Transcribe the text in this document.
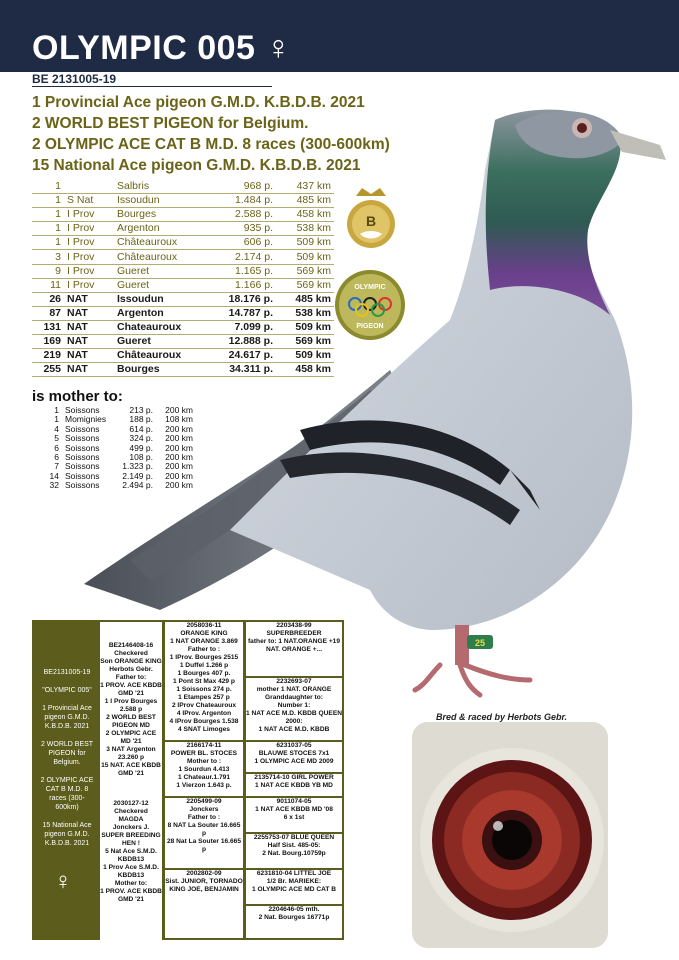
OLYMPIC 005 ♀
BE 2131005-19
1 Provincial Ace pigeon G.M.D. K.B.D.B. 2021
2 WORLD BEST PIGEON for Belgium.
2 OLYMPIC ACE CAT B M.D. 8 races (300-600km)
15 National Ace pigeon G.M.D. K.B.D.B. 2021
1		Salbris	968 p.	437 km
1	S Nat	Issoudun	1.484 p.	485 km
1	I Prov	Bourges	2.588 p.	458 km
1	I Prov	Argenton	935 p.	538 km
1	I Prov	Châteauroux	606 p.	509 km
3	I Prov	Châteauroux	2.174 p.	509 km
9	I Prov	Gueret	1.165 p.	569 km
11	I Prov	Gueret	1.166 p.	569 km
26	NAT	Issoudun	18.176 p.	485 km
87	NAT	Argenton	14.787 p.	538 km
131	NAT	Chateauroux	7.099 p.	509 km
169	NAT	Gueret	12.888 p.	569 km
219	NAT	Châteauroux	24.617 p.	509 km
255	NAT	Bourges	34.311 p.	458 km
is mother to:
1	Soissons	213 p.	200 km
1	Momignies	188 p.	108 km
4	Soissons	614 p.	200 km
5	Soissons	324 p.	200 km
6	Soissons	499 p.	200 km
6	Soissons	108 p.	200 km
7	Soissons	1.323 p.	200 km
14	Soissons	2.149 p.	200 km
32	Soissons	2.494 p.	200 km
25
B
OLYMPIC
PIGEON
BE2131005-19

"OLYMPIC 005"

1 Provincial Ace pigeon G.M.D. K.B.D.B. 2021

2 WORLD BEST PIGEON for Belgium.

2 OLYMPIC ACE CAT B M.D. 8 races (300-600km)

15 National Ace pigeon G.M.D. K.B.D.B. 2021
♀
BE2146408-16
Checkered
Son ORANGE KING
Herbots Gebr.
Father to:
1 PROV. ACE KBDB GMD '21
1 I Prov Bourges 2.588 p
2 WORLD BEST PIGEON MD
2 OLYMPIC ACE MD '21
3 NAT Argenton 23.260 p
15 NAT. ACE KBDB GMD '21
2030127-12
Checkered
MAGDA
Jonckers J.
SUPER BREEDING HEN !
5 Nat Ace S.M.D. KBDB13
1 Prov Ace S.M.D. KBDB13
Mother to:
1 PROV. ACE KBDB GMD '21
2058036-11
ORANGE KING
1 NAT ORANGE 3.869
Father to :
1 IProv. Bourges 2515
1 Duffel 1.266 p
1 Bourges 407 p.
1 Pont St Max 429 p
1 Soissons 274 p.
1 Etampes 257 p
2 IProv Chateauroux
4 IProv. Argenton
4 IProv Bourges 1.538
4 SNAT Limoges
2166174-11
POWER BL. STOCES
Mother to :
1 Sourdun 4.413
1 Chateaur.1.791
1 Vierzon 1.643 p.
2205499-09
Jonckers
Father to :
8 NAT La Souter 16.665 p
28 Nat La Souter 16.665 p
2002802-09
Sist. JUNIOR, TORNADO
KING JOE, BENJAMIN
2203438-99
SUPERBREEDER
father to: 1 NAT.ORANGE +19 NAT. ORANGE +...
2232693-07
mother 1 NAT. ORANGE
Granddaughter to:
Number 1:
1 NAT ACE M.D. KBDB QUEEN 2000:
1 NAT ACE M.D. KBDB
6231037-05
BLAUWE STOCES 7x1
1 OLYMPIC ACE MD 2009
2135714-10 GIRL POWER
1 NAT ACE KBDB YB MD
9011074-05
1 NAT ACE KBDB MD '08
6 x 1st
2255753-07 BLUE QUEEN
Half Sist. 485-05:
2 Nat. Bourg.10759p
6231810-04 LITTEL JOE
1/2 Br. MARIEKE:
1 OLYMPIC ACE MD CAT B
2204646-05 mth.
2 Nat. Bourges 16771p
Bred & raced by Herbots Gebr.
